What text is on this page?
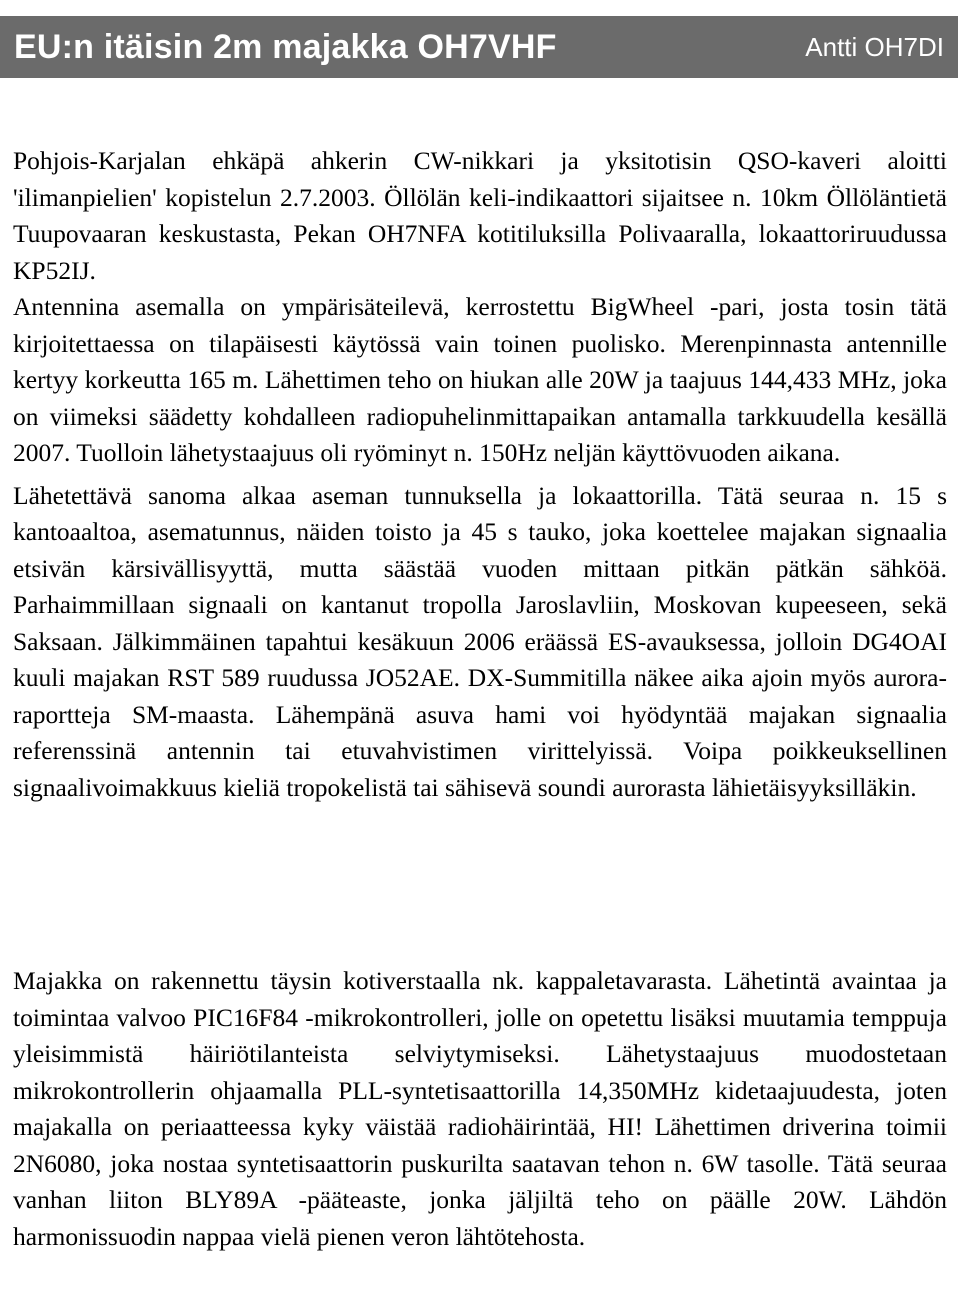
EU:n itäisin 2m majakka OH7VHF	Antti OH7DI

Pohjois-Karjalan ehkäpä ahkerin CW-nikkari ja yksitotisin QSO-kaveri aloitti 'ilimanpielien' kopistelun 2.7.2003. Öllölän keli-indikaattori sijaitsee n. 10km Öllöläntietä Tuupovaaran keskustasta, Pekan OH7NFA kotitiluksilla Polivaaralla, lokaattoriruudussa KP52IJ.

Antennina asemalla on ympärisäteilevä, kerrostettu BigWheel -pari, josta tosin tätä kirjoitettaessa on tilapäisesti käytössä vain toinen puolisko. Merenpinnasta antennille kertyy korkeutta 165 m. Lähettimen teho on hiukan alle 20W ja taajuus 144,433 MHz, joka on viimeksi säädetty kohdalleen radiopuhelinmittapaikan antamalla tarkkuudella kesällä 2007. Tuolloin lähetystaajuus oli ryöminyt n. 150Hz neljän käyttövuoden aikana.

Lähetettävä sanoma alkaa aseman tunnuksella ja lokaattorilla. Tätä seuraa n. 15 s kantoaaltoa, asematunnus, näiden toisto ja 45 s tauko, joka koettelee majakan signaalia etsivän kärsivällisyyttä, mutta säästää vuoden mittaan pitkän pätkän sähköä. Parhaimmillaan signaali on kantanut tropolla Jaroslavliin, Moskovan kupeeseen, sekä Saksaan. Jälkimmäinen tapahtui kesäkuun 2006 eräässä ES-avauksessa, jolloin DG4OAI kuuli majakan RST 589 ruudussa JO52AE. DX-Summitilla näkee aika ajoin myös aurora-raportteja SM-maasta. Lähempänä asuva hami voi hyödyntää majakan signaalia referenssinä antennin tai etuvahvistimen virittelyissä. Voipa poikkeuksellinen signaalivoimakkuus kieliä tropokelistä tai sähisevä soundi aurorasta lähietäisyyksilläkin.

Majakka on rakennettu täysin kotiverstaalla nk. kappaletavarasta. Lähetintä avaintaa ja toimintaa valvoo PIC16F84 -mikrokontrolleri, jolle on opetettu lisäksi muutamia temppuja yleisimmistä häiriötilanteista selviytymiseksi. Lähetystaajuus muodostetaan mikrokontrollerin ohjaamalla PLL-syntetisaattorilla 14,350MHz kidetaajuudesta, joten majakalla on periaatteessa kyky väistää radiohäirintää, HI! Lähettimen driverina toimii 2N6080, joka nostaa syntetisaattorin puskurilta saatavan tehon n. 6W tasolle. Tätä seuraa vanhan liiton BLY89A -pääteaste, jonka jäljiltä teho on päälle 20W. Lähdön harmonissuodin nappaa vielä pienen veron lähtötehosta.
